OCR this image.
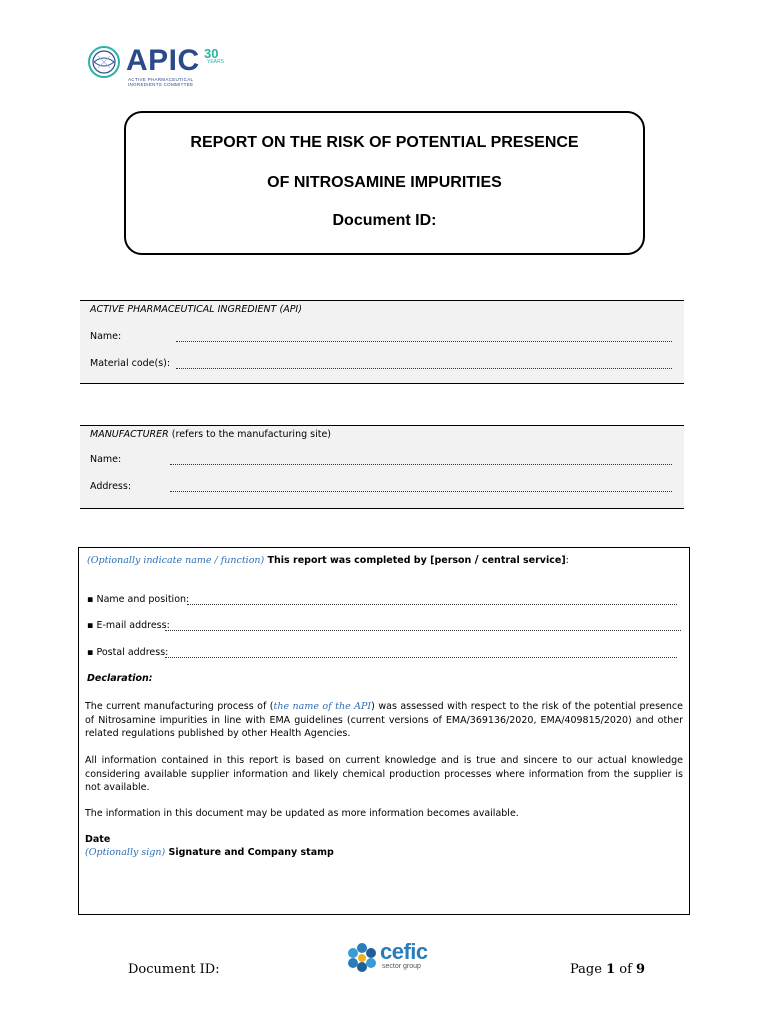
APIC 30
YEARS
ACTIVE PHARMACEUTICAL
INGREDIENTS COMMITTEE
REPORT ON THE RISK OF POTENTIAL PRESENCE
OF NITROSAMINE IMPURITIES
Document ID:
ACTIVE PHARMACEUTICAL INGREDIENT (API)
Name:
Material code(s):
MANUFACTURER (refers to the manufacturing site)
Name:
Address:
(Optionally indicate name / function) This report was completed by [person / central service]:
▪ Name and position:
▪ E-mail address:
▪ Postal address:
Declaration:
The current manufacturing process of (the name of the API) was assessed with respect to the risk of the potential presence of Nitrosamine impurities in line with EMA guidelines (current versions of EMA/369136/2020, EMA/409815/2020) and other related regulations published by other Health Agencies.
All information contained in this report is based on current knowledge and is true and sincere to our actual knowledge considering available supplier information and likely chemical production processes where information from the supplier is not available.
The information in this document may be updated as more information becomes available.
Date
(Optionally sign) Signature and Company stamp
Document ID:
cefic
sector group	Page 1 of 9
